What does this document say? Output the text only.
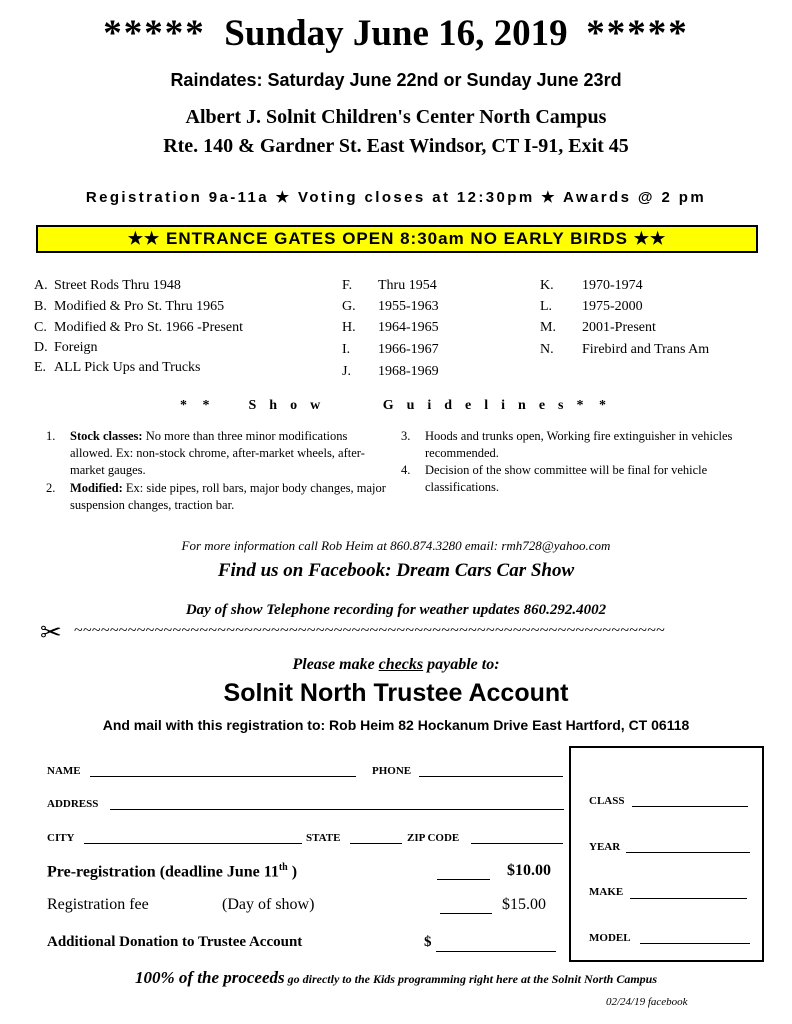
***** Sunday June 16, 2019 *****
Raindates: Saturday June 22nd or Sunday June 23rd
Albert J. Solnit Children's Center North Campus
Rte. 140 & Gardner St. East Windsor, CT I-91, Exit 45
Registration 9a-11a ★ Voting closes at 12:30pm ★ Awards @ 2 pm
★★ ENTRANCE GATES OPEN 8:30am NO EARLY BIRDS ★★
A. Street Rods Thru 1948
B. Modified & Pro St. Thru 1965
C. Modified & Pro St. 1966 -Present
D. Foreign
E. ALL Pick Ups and Trucks
F. Thru 1954
G. 1955-1963
H. 1964-1965
I. 1966-1967
J. 1968-1969
K. 1970-1974
L. 1975-2000
M. 2001-Present
N. Firebird and Trans Am
* * Show   Guidelines* *
1. Stock classes: No more than three minor modifications allowed. Ex: non-stock chrome, after-market wheels, after-market gauges.
2. Modified: Ex: side pipes, roll bars, major body changes, major suspension changes, traction bar.
3. Hoods and trunks open, Working fire extinguisher in vehicles recommended.
4. Decision of the show committee will be final for vehicle classifications.
For more information call Rob Heim at 860.874.3280 email: rmh728@yahoo.com
Find us on Facebook: Dream Cars Car Show
Day of show Telephone recording for weather updates 860.292.4002
✂ ~~~~~~~~~~~~~~~~~~~~~~~~~~~~~~~~~~~~~~~~~~~~~~~~~~~~~~~~~~~~~~~~~~
Please make checks payable to:
Solnit North Trustee Account
And mail with this registration to: Rob Heim 82 Hockanum Drive East Hartford, CT 06118
NAME	PHONE
ADDRESS
CITY	STATE	ZIP CODE
Pre-registration (deadline June 11th )	$10.00
Registration fee	(Day of show)	$15.00
Additional Donation to Trustee Account	$
CLASS
YEAR
MAKE
MODEL
100% of the proceeds go directly to the Kids programming right here at the Solnit North Campus
02/24/19 facebook
